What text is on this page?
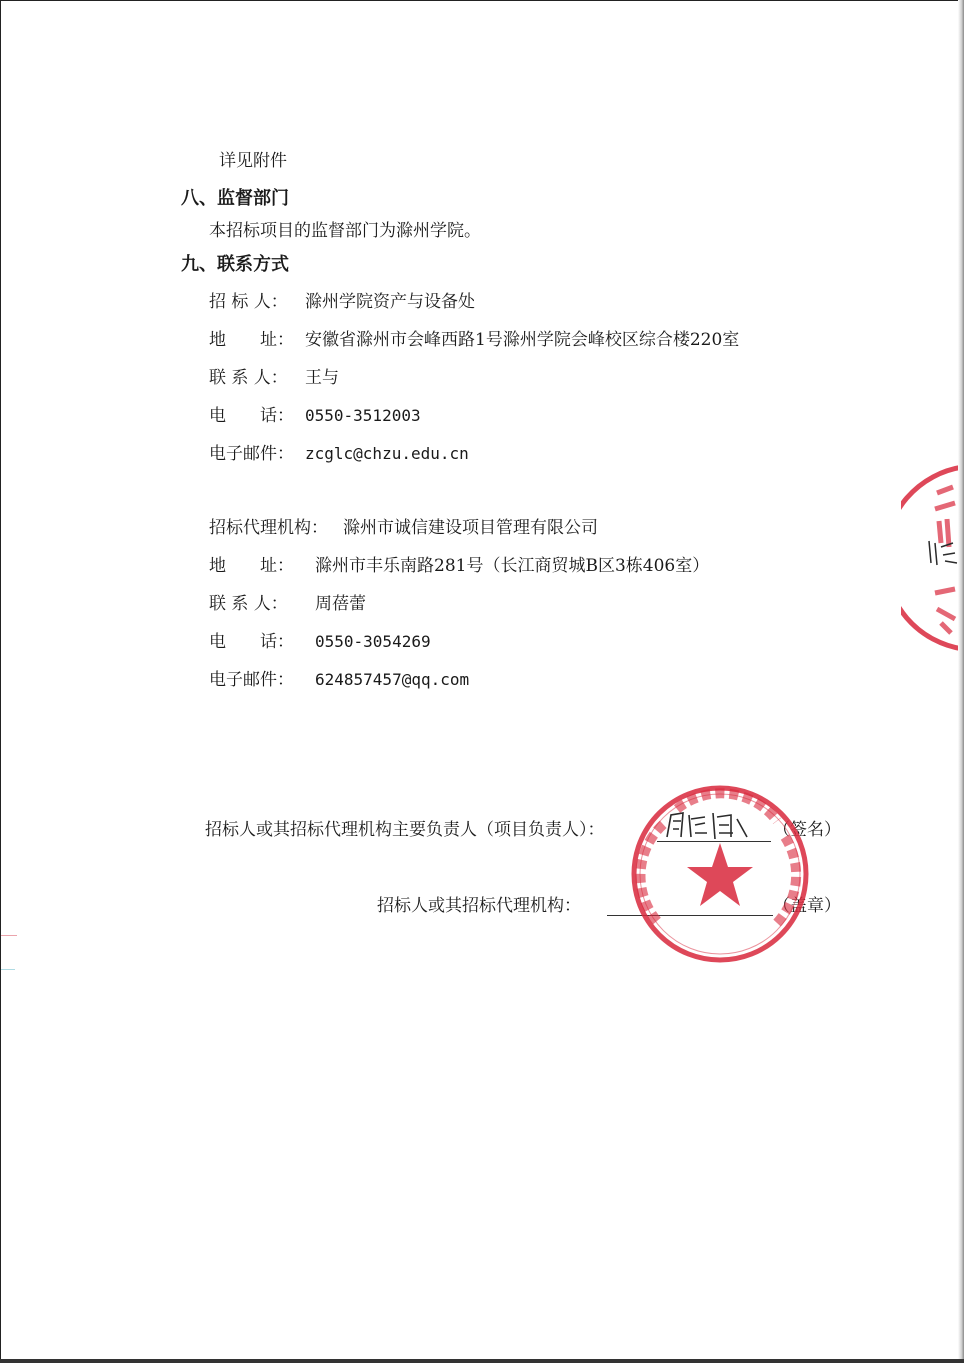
详见附件
八、监督部门
本招标项目的监督部门为滁州学院。
九、联系方式
招 标 人： 滁州学院资产与设备处
地　　址： 安徽省滁州市会峰西路1号滁州学院会峰校区综合楼220室
联 系 人： 王与
电　　话： 0550-3512003
电子邮件： zcglc@chzu.edu.cn
招标代理机构： 滁州市诚信建设项目管理有限公司
地　　址： 滁州市丰乐南路281号（长江商贸城B区3栋406室）
联 系 人： 周蓓蕾
电　　话： 0550-3054269
电子邮件： 624857457@qq.com
招标人或其招标代理机构主要负责人（项目负责人）：	（签名）
招标人或其招标代理机构：	（盖章）
